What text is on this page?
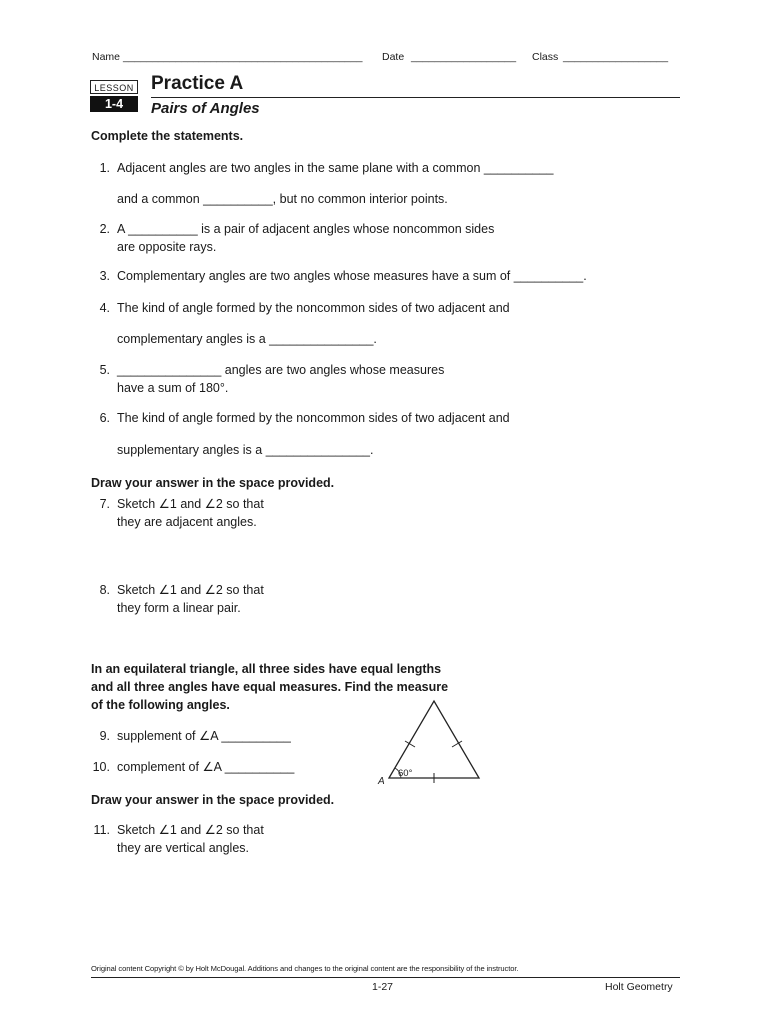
Name _________________________________________ Date __________________ Class __________________
LESSON
1-4
Practice A
Pairs of Angles
Complete the statements.
1. Adjacent angles are two angles in the same plane with a common __________
and a common __________, but no common interior points.
2. A __________ is a pair of adjacent angles whose noncommon sides
are opposite rays.
3. Complementary angles are two angles whose measures have a sum of __________.
4. The kind of angle formed by the noncommon sides of two adjacent and
complementary angles is a _______________.
5. _______________ angles are two angles whose measures
have a sum of 180°.
6. The kind of angle formed by the noncommon sides of two adjacent and
supplementary angles is a _______________.
Draw your answer in the space provided.
7. Sketch ∠1 and ∠2 so that
they are adjacent angles.
8. Sketch ∠1 and ∠2 so that
they form a linear pair.
In an equilateral triangle, all three sides have equal lengths
and all three angles have equal measures. Find the measure
of the following angles.
9. supplement of ∠A __________
10. complement of ∠A __________	60°
A
Draw your answer in the space provided.
11. Sketch ∠1 and ∠2 so that
they are vertical angles.
Original content Copyright © by Holt McDougal. Additions and changes to the original content are the responsibility of the instructor.
1-27	Holt Geometry
